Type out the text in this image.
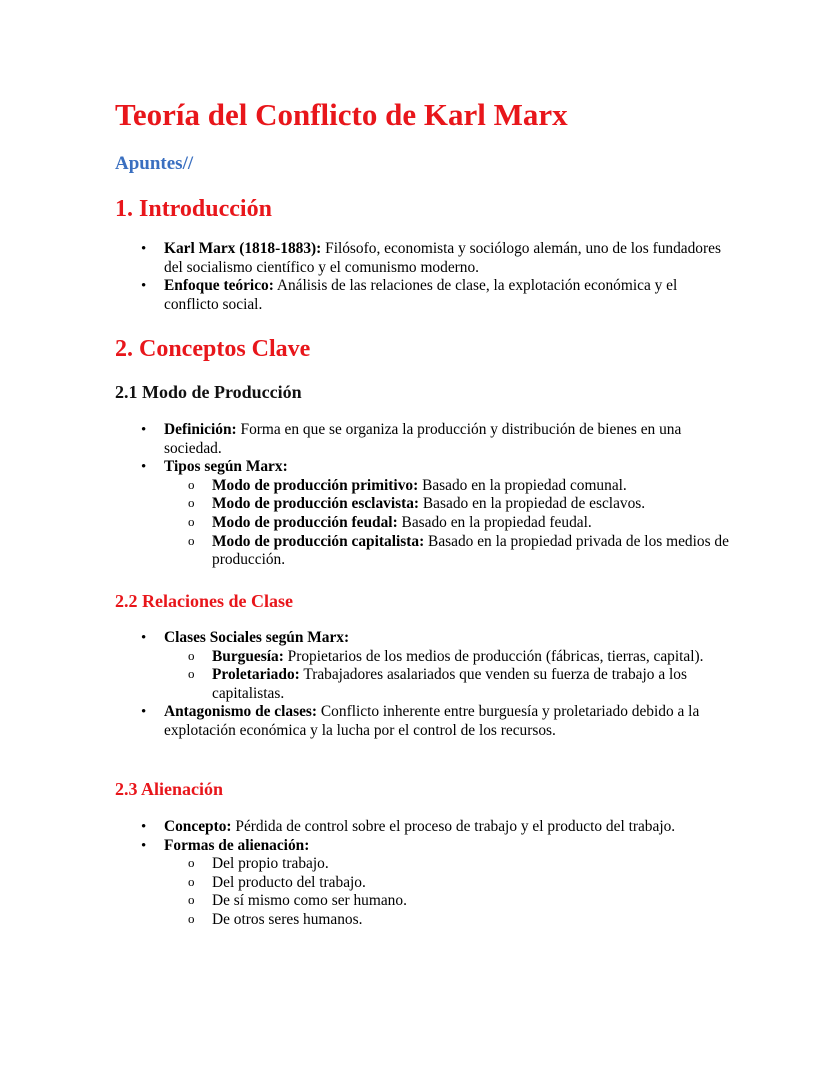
Teoría del Conflicto de Karl Marx
Apuntes//
1. Introducción
• Karl Marx (1818-1883): Filósofo, economista y sociólogo alemán, uno de los fundadores del socialismo científico y el comunismo moderno.
• Enfoque teórico: Análisis de las relaciones de clase, la explotación económica y el conflicto social.
2. Conceptos Clave
2.1 Modo de Producción
• Definición: Forma en que se organiza la producción y distribución de bienes en una sociedad.
• Tipos según Marx:
o Modo de producción primitivo: Basado en la propiedad comunal.
o Modo de producción esclavista: Basado en la propiedad de esclavos.
o Modo de producción feudal: Basado en la propiedad feudal.
o Modo de producción capitalista: Basado en la propiedad privada de los medios de producción.
2.2 Relaciones de Clase
• Clases Sociales según Marx:
o Burguesía: Propietarios de los medios de producción (fábricas, tierras, capital).
o Proletariado: Trabajadores asalariados que venden su fuerza de trabajo a los capitalistas.
• Antagonismo de clases: Conflicto inherente entre burguesía y proletariado debido a la explotación económica y la lucha por el control de los recursos.
2.3 Alienación
• Concepto: Pérdida de control sobre el proceso de trabajo y el producto del trabajo.
• Formas de alienación:
o Del propio trabajo.
o Del producto del trabajo.
o De sí mismo como ser humano.
o De otros seres humanos.
